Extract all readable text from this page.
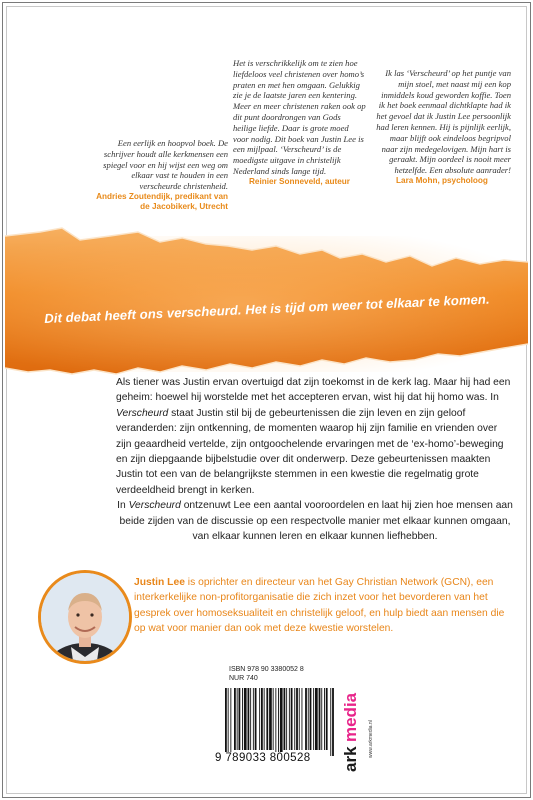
Een eerlijk en hoopvol boek. De schrijver houdt alle kerkmensen een spiegel voor en hij wijst een weg om elkaar vast te houden in een verscheurde christenheid.
Andries Zoutendijk, predikant van de Jacobikerk, Utrecht
Het is verschrikkelijk om te zien hoe liefdeloos veel christenen over homo’s praten en met hen omgaan. Gelukkig zie je de laatste jaren een kentering. Meer en meer christenen raken ook op dit punt doordrongen van Gods heilige liefde. Daar is grote moed voor nodig. Dit boek van Justin Lee is een mijlpaal. ‘Verscheurd’ is de moedigste uitgave in christelijk Nederland sinds lange tijd.
Reinier Sonneveld, auteur
Ik las ‘Verscheurd’ op het puntje van mijn stoel, met naast mij een kop inmiddels koud geworden koffie. Toen ik het boek eenmaal dichtklapte had ik het gevoel dat ik Justin Lee persoonlijk had leren kennen. Hij is pijnlijk eerlijk, maar blijft ook eindeloos begripvol naar zijn medegelovigen. Mijn hart is geraakt. Mijn oordeel is nooit meer hetzelfde. Een absolute aanrader!
Lara Mohn, psycholoog
Dit debat heeft ons verscheurd. Het is tijd om weer tot elkaar te komen.

Als tiener was Justin ervan overtuigd dat zijn toekomst in de kerk lag. Maar hij had een geheim: hoewel hij worstelde met het accepteren ervan, wist hij dat hij homo was. In Verscheurd staat Justin stil bij de gebeurtenissen die zijn leven en zijn geloof veranderden: zijn ontkenning, de momenten waarop hij zijn familie en vrienden over zijn geaardheid vertelde, zijn ontgoochelende ervaringen met de ‘ex-homo’-beweging en zijn diepgaande bijbelstudie over dit onderwerp. Deze gebeurtenissen maakten Justin tot een van de belangrijkste stemmen in een kwestie die regelmatig grote verdeeldheid brengt in kerken.

In Verscheurd ontzenuwt Lee een aantal vooroordelen en laat hij zien hoe mensen aan beide zijden van de discussie op een respectvolle manier met elkaar kunnen omgaan, van elkaar kunnen leren en elkaar kunnen liefhebben.

Justin Lee is oprichter en directeur van het Gay Christian Network (GCN), een interkerkelijke non-profitorganisatie die zich inzet voor het bevorderen van het gesprek over homoseksualiteit en christelijk geloof, en hulp biedt aan mensen die op wat voor manier dan ook met deze kwestie worstelen.
ISBN 978 90 3380052 8
NUR 740
9 789033 800528 ark media www.arkmedia.nl
